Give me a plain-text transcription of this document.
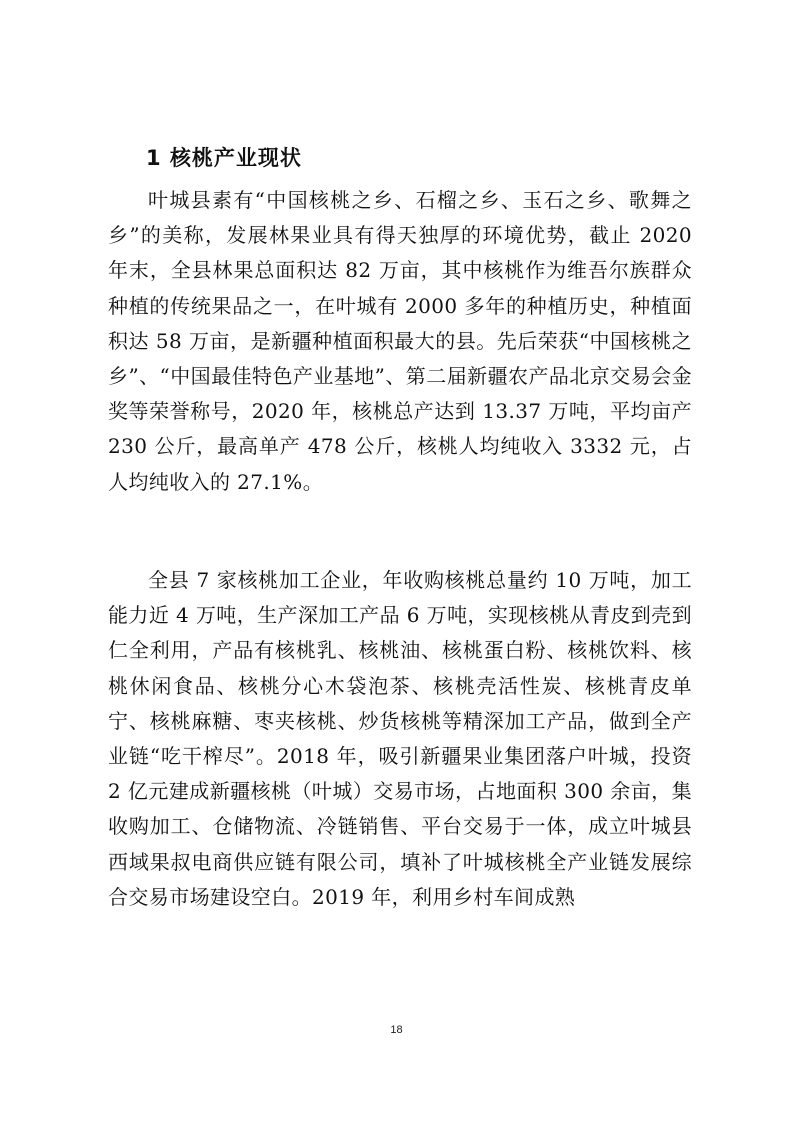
1 核桃产业现状

叶城县素有“中国核桃之乡、石榴之乡、玉石之乡、歌舞之乡”的美称，发展林果业具有得天独厚的环境优势，截止 2020 年末，全县林果总面积达 82 万亩，其中核桃作为维吾尔族群众种植的传统果品之一，在叶城有 2000 多年的种植历史，种植面积达 58 万亩，是新疆种植面积最大的县。先后荣获“中国核桃之乡”、“中国最佳特色产业基地”、第二届新疆农产品北京交易会金奖等荣誉称号，2020 年，核桃总产达到 13.37 万吨，平均亩产 230 公斤，最高单产 478 公斤，核桃人均纯收入 3332 元，占人均纯收入的 27.1%。

全县 7 家核桃加工企业，年收购核桃总量约 10 万吨，加工能力近 4 万吨，生产深加工产品 6 万吨，实现核桃从青皮到壳到仁全利用，产品有核桃乳、核桃油、核桃蛋白粉、核桃饮料、核桃休闲食品、核桃分心木袋泡茶、核桃壳活性炭、核桃青皮单宁、核桃麻糖、枣夹核桃、炒货核桃等精深加工产品，做到全产业链“吃干榨尽”。2018 年，吸引新疆果业集团落户叶城，投资 2 亿元建成新疆核桃（叶城）交易市场，占地面积 300 余亩，集收购加工、仓储物流、冷链销售、平台交易于一体，成立叶城县西域果叔电商供应链有限公司，填补了叶城核桃全产业链发展综合交易市场建设空白。2019 年，利用乡村车间成熟

18
